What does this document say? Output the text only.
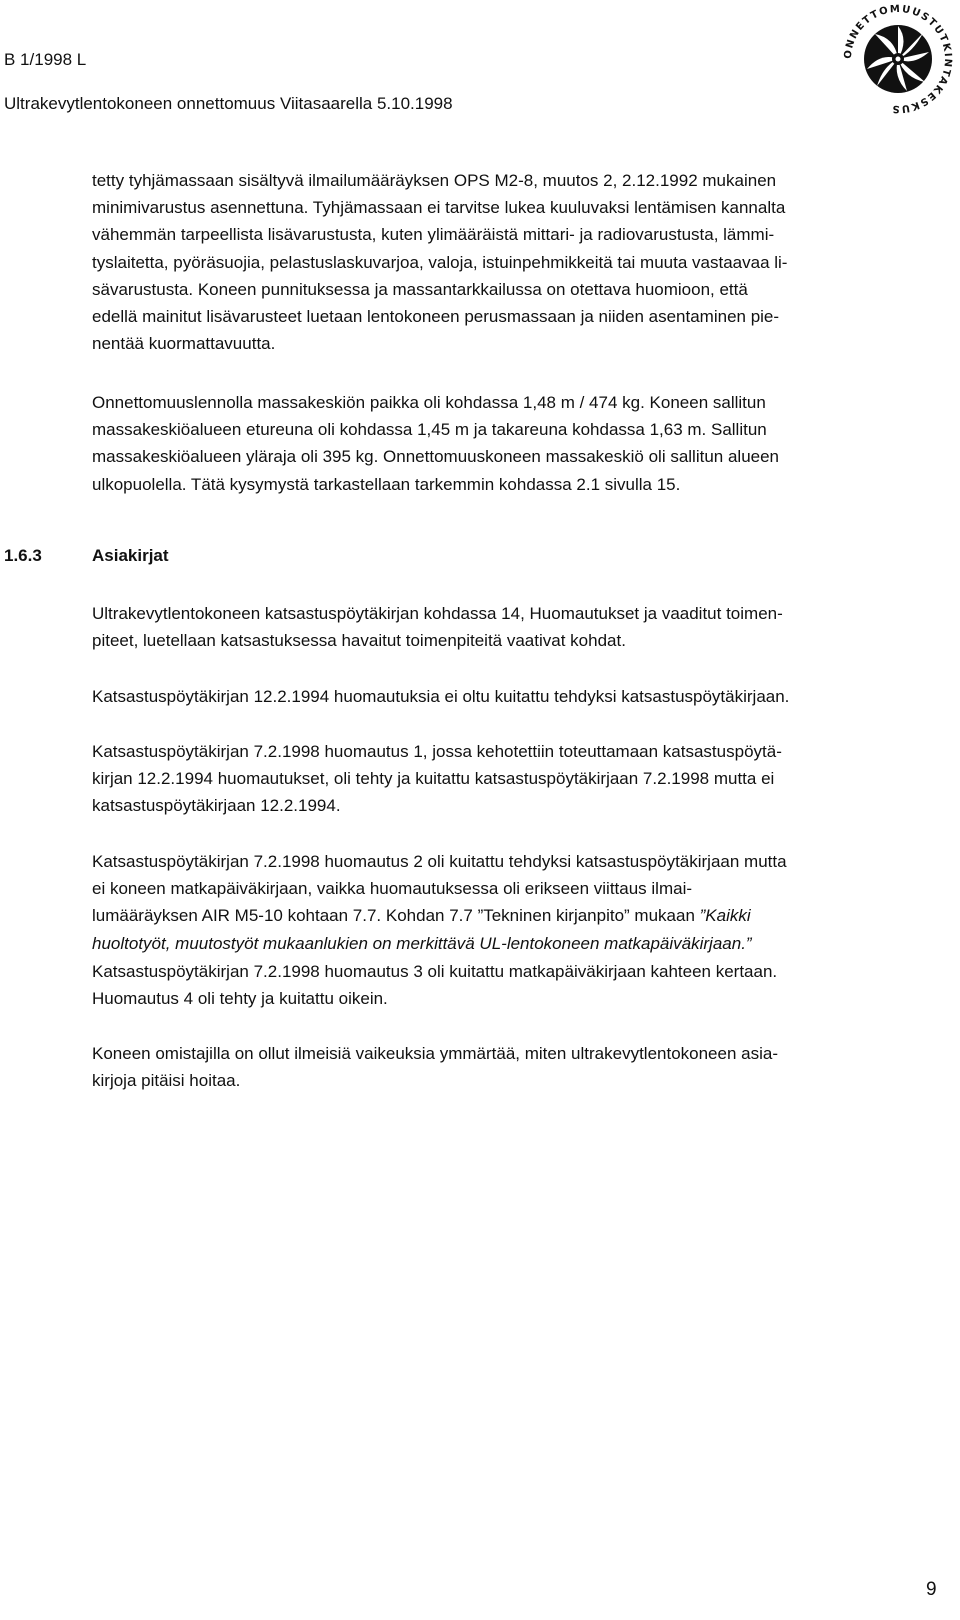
B 1/1998 L

Ultrakevytlentokoneen onnettomuus Viitasaarella 5.10.1998

ONNETTOMUUSTUTKINTAKESKUS

tetty tyhjämassaan sisältyvä ilmailumääräyksen OPS M2-8, muutos 2, 2.12.1992 mukainen
minimivarustus asennettuna. Tyhjämassaan ei tarvitse lukea kuuluvaksi lentämisen kannalta
vähemmän tarpeellista lisävarustusta, kuten ylimääräistä mittari- ja radiovarustusta, lämmi-
tyslaitetta, pyöräsuojia, pelastuslaskuvarjoa, valoja, istuinpehmikkeitä tai muuta vastaavaa li-
sävarustusta. Koneen punnituksessa ja massantarkkailussa on otettava huomioon, että
edellä mainitut lisävarusteet luetaan lentokoneen perusmassaan ja niiden asentaminen pie-
nentää kuormattavuutta.

Onnettomuuslennolla massakeskiön paikka oli kohdassa 1,48 m / 474 kg. Koneen sallitun
massakeskiöalueen etureuna oli kohdassa 1,45 m ja takareuna kohdassa 1,63 m. Sallitun
massakeskiöalueen yläraja oli 395 kg. Onnettomuuskoneen massakeskiö oli sallitun alueen
ulkopuolella. Tätä kysymystä tarkastellaan tarkemmin kohdassa 2.1 sivulla 15.

1.6.3	Asiakirjat

Ultrakevytlentokoneen katsastuspöytäkirjan kohdassa 14, Huomautukset ja vaaditut toimen-
piteet, luetellaan katsastuksessa havaitut toimenpiteitä vaativat kohdat.

Katsastuspöytäkirjan 12.2.1994 huomautuksia ei oltu kuitattu tehdyksi katsastuspöytäkirjaan.

Katsastuspöytäkirjan 7.2.1998 huomautus 1, jossa kehotettiin toteuttamaan katsastuspöytä-
kirjan 12.2.1994 huomautukset, oli tehty ja kuitattu katsastuspöytäkirjaan 7.2.1998 mutta ei
katsastuspöytäkirjaan 12.2.1994.

Katsastuspöytäkirjan 7.2.1998 huomautus 2 oli kuitattu tehdyksi katsastuspöytäkirjaan mutta
ei koneen matkapäiväkirjaan, vaikka huomautuksessa oli erikseen viittaus ilmai-
lumääräyksen AIR M5-10 kohtaan 7.7. Kohdan 7.7 ”Tekninen kirjanpito” mukaan ”Kaikki
huoltotyöt, muutostyöt mukaanlukien on merkittävä UL-lentokoneen matkapäiväkirjaan.”

Katsastuspöytäkirjan 7.2.1998 huomautus 3 oli kuitattu matkapäiväkirjaan kahteen kertaan.
Huomautus 4 oli tehty ja kuitattu oikein.

Koneen omistajilla on ollut ilmeisiä vaikeuksia ymmärtää, miten ultrakevytlentokoneen asia-
kirjoja pitäisi hoitaa.

9
